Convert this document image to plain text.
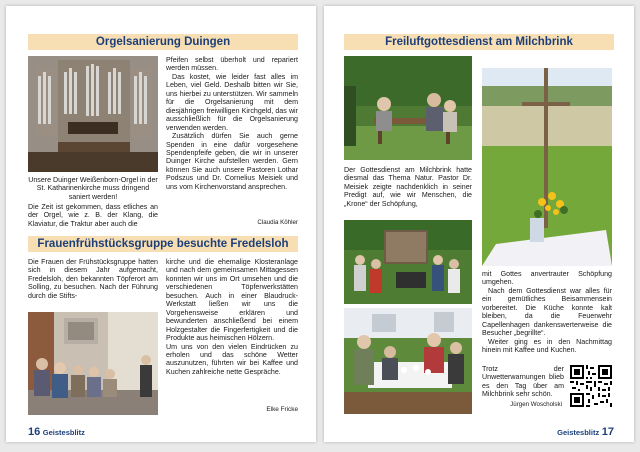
Orgelsanierung Duingen
Unsere Duinger Weißenborn-Orgel in der St. Katharinenkirche muss dringend saniert werden!
Die Zeit ist gekommen, dass etliches an der Orgel, wie z. B. der Klang, die Klaviatur, die Traktur aber auch die

Pfeifen selbst überholt und repariert werden müssen.

Das kostet, wie leider fast alles im Leben, viel Geld. Deshalb bitten wir Sie, uns hierbei zu unterstützen. Wir sammeln für die Orgelsanierung mit dem diesjährigen freiwilligen Kirchgeld, das wir ausschließlich für die Orgelsanierung verwenden werden.

Zusätzlich dürfen Sie auch gerne Spenden in eine dafür vorgesehene Spendenpfeife geben, die wir in unserer Duinger Kirche aufstellen werden. Gern können Sie auch unsere Pastoren Lothar Podszus und Dr. Cornelius Meisiek und uns vom Kirchenvorstand ansprechen.

Claudia Köhler
Frauenfrühstücksgruppe besuchte Fredelsloh
Die Frauen der Frühstücksgruppe hatten sich in diesem Jahr aufgemacht, Fredelsloh, den bekannten Töpferort am Solling, zu besuchen. Nach der Führung durch die Stifts-

kirche und die ehemalige Klosteranlage und nach dem gemeinsamen Mittagessen konnten wir uns im Ort umsehen und die verschiedenen Töpferwerkstätten besuchen. Auch in einer Blaudruck-Werkstatt ließen wir uns die Vorgehensweise erklären und bewunderten anschließend bei einem Holzgestalter die Fingerfertigkeit und die Produkte aus heimischen Hölzern.

Um uns von den vielen Eindrücken zu erholen und das schöne Wetter auszunutzen, führten wir bei Kaffee und Kuchen zahlreiche nette Gespräche.

Elke Fricke
16 Geistesblitz
Freiluftgottesdienst am Milchbrink
Der Gottesdienst am Milchbrink hatte diesmal das Thema Natur. Pastor Dr. Meisiek zeigte nachdenklich in seiner Predigt auf, wie wir Menschen, die „Krone“ der Schöpfung,

mit Gottes anvertrauter Schöpfung umgehen.

Nach dem Gottesdienst war alles für ein gemütliches Beisammensein vorbereitet. Die Küche konnte kalt bleiben, da die Feuerwehr Capellenhagen dankenswerterweise die Besucher „begrillte“.

Weiter ging es in den Nachmittag hinein mit Kaffee und Kuchen.

Trotz der Unwetterwarnungen blieb es den Tag über am Milchbrink sehr schön.
Jürgen Woscholski
Geistesblitz 17
